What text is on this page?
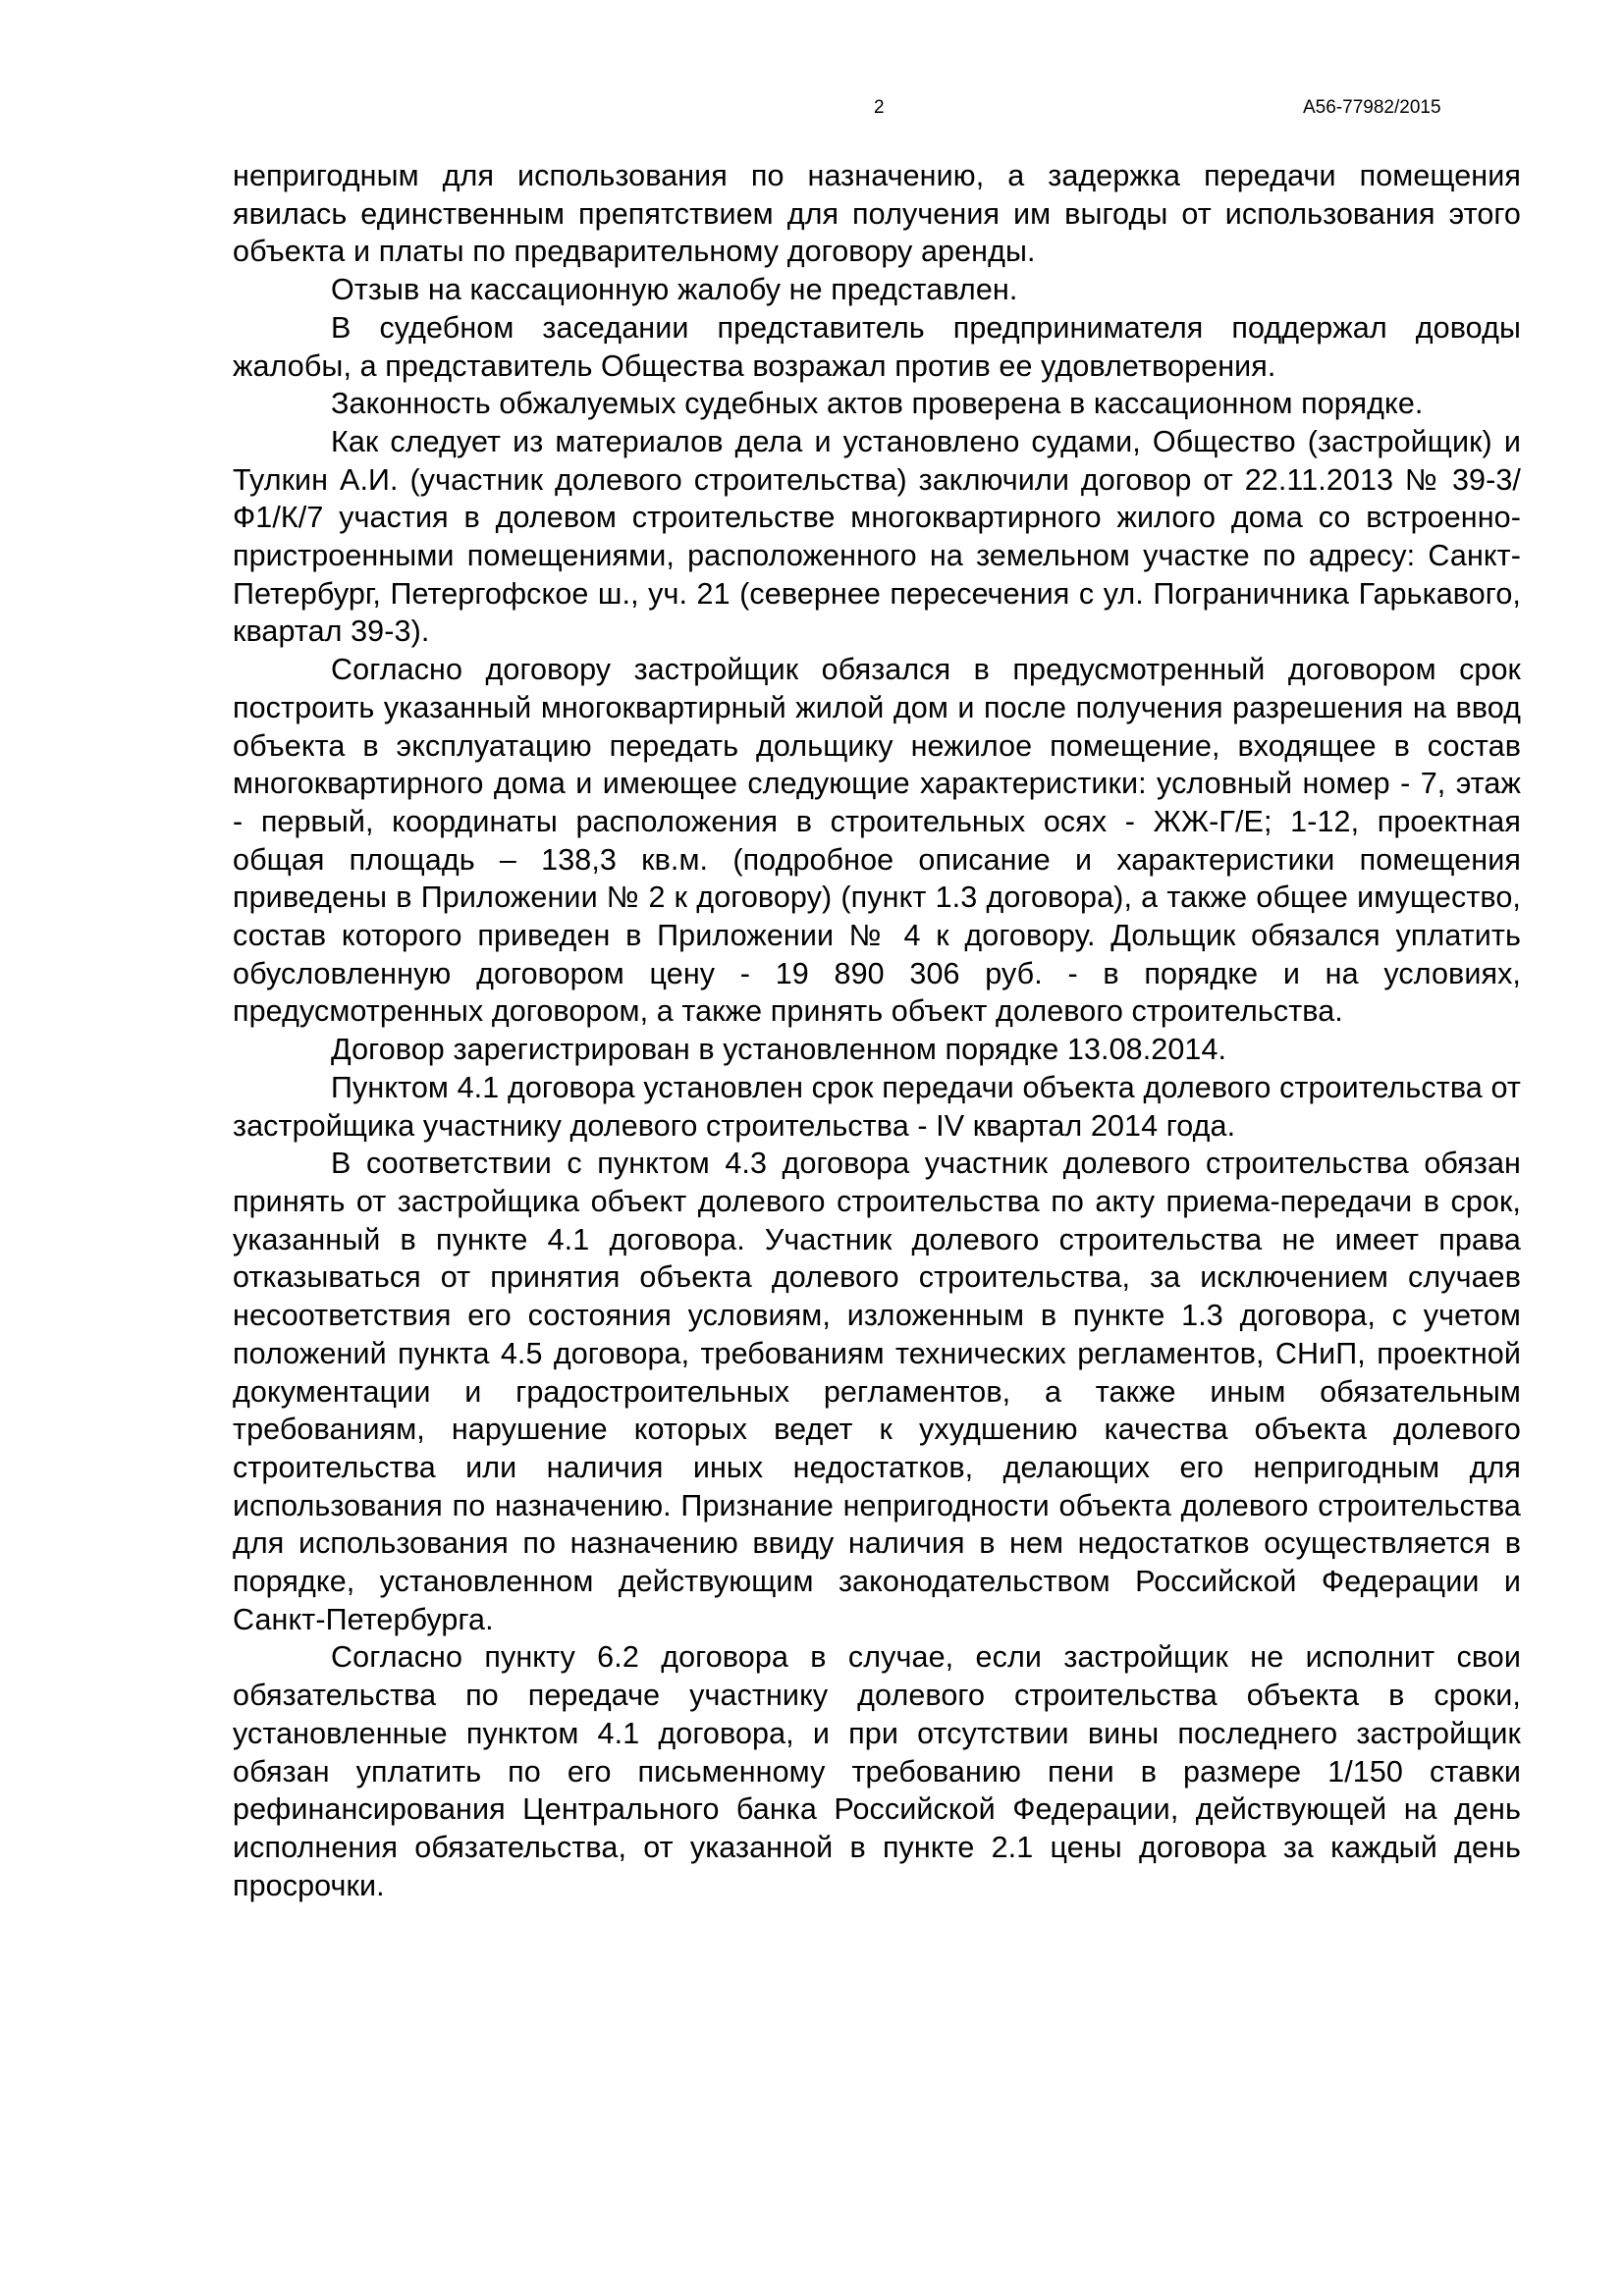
2	А56-77982/2015

непригодным для использования по назначению, а задержка передачи помещения явилась единственным препятствием для получения им выгоды от использования этого объекта и платы по предварительному договору аренды.

Отзыв на кассационную жалобу не представлен.

В судебном заседании представитель предпринимателя поддержал доводы жалобы, а представитель Общества возражал против ее удовлетворения.

Законность обжалуемых судебных актов проверена в кассационном порядке.

Как следует из материалов дела и установлено судами, Общество (застройщик) и Тулкин А.И. (участник долевого строительства) заключили договор от 22.11.2013 № 39-3/Ф1/К/7 участия в долевом строительстве многоквартирного жилого дома со встроенно-пристроенными помещениями, расположенного на земельном участке по адресу: Санкт-Петербург, Петергофское ш., уч. 21 (севернее пересечения с ул. Пограничника Гарькавого, квартал 39-3).

Согласно договору застройщик обязался в предусмотренный договором срок построить указанный многоквартирный жилой дом и после получения разрешения на ввод объекта в эксплуатацию передать дольщику нежилое помещение, входящее в состав многоквартирного дома и имеющее следующие характеристики: условный номер - 7, этаж - первый, координаты расположения в строительных осях - ЖЖ-Г/Е; 1-12, проектная общая площадь – 138,3 кв.м. (подробное описание и характеристики помещения приведены в Приложении № 2 к договору) (пункт 1.3 договора), а также общее имущество, состав которого приведен в Приложении № 4 к договору. Дольщик обязался уплатить обусловленную договором цену - 19 890 306 руб. - в порядке и на условиях, предусмотренных договором, а также принять объект долевого строительства.

Договор зарегистрирован в установленном порядке 13.08.2014.

Пунктом 4.1 договора установлен срок передачи объекта долевого строительства от застройщика участнику долевого строительства - IV квартал 2014 года.

В соответствии с пунктом 4.3 договора участник долевого строительства обязан принять от застройщика объект долевого строительства по акту приема-передачи в срок, указанный в пункте 4.1 договора. Участник долевого строительства не имеет права отказываться от принятия объекта долевого строительства, за исключением случаев несоответствия его состояния условиям, изложенным в пункте 1.3 договора, с учетом положений пункта 4.5 договора, требованиям технических регламентов, СНиП, проектной документации и градостроительных регламентов, а также иным обязательным требованиям, нарушение которых ведет к ухудшению качества объекта долевого строительства или наличия иных недостатков, делающих его непригодным для использования по назначению. Признание непригодности объекта долевого строительства для использования по назначению ввиду наличия в нем недостатков осуществляется в порядке, установленном действующим законодательством Российской Федерации и Санкт-Петербурга.

Согласно пункту 6.2 договора в случае, если застройщик не исполнит свои обязательства по передаче участнику долевого строительства объекта в сроки, установленные пунктом 4.1 договора, и при отсутствии вины последнего застройщик обязан уплатить по его письменному требованию пени в размере 1/150 ставки рефинансирования Центрального банка Российской Федерации, действующей на день исполнения обязательства, от указанной в пункте 2.1 цены договора за каждый день просрочки.
